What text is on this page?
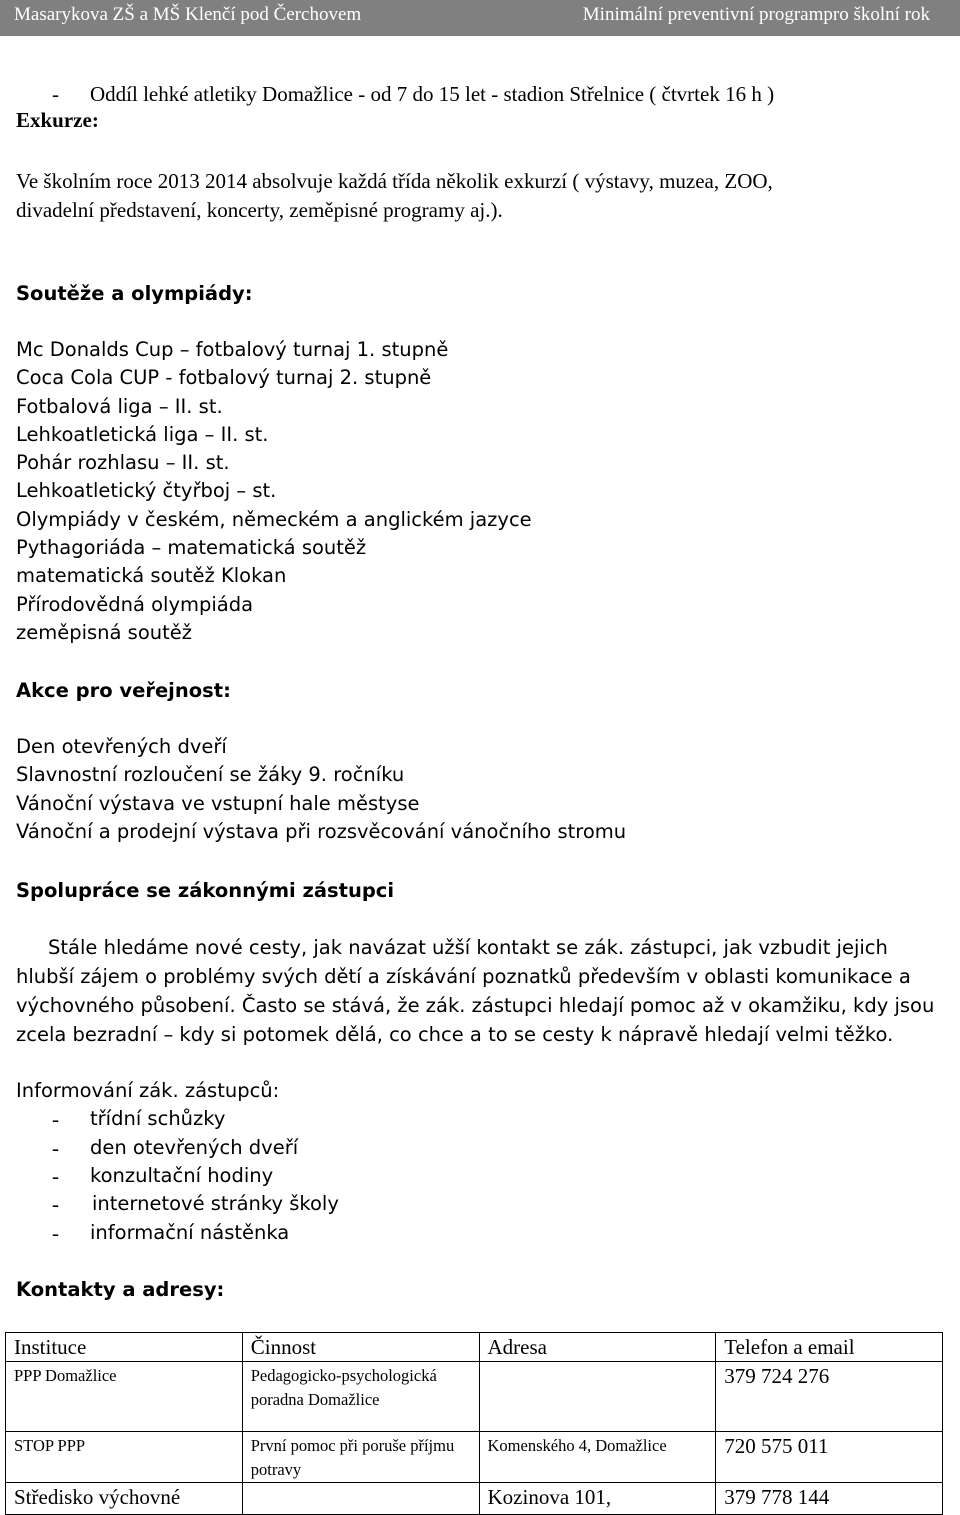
Masarykova ZŠ a MŠ Klenčí pod Čerchovem	Minimální preventivní programpro školní rok
- Oddíl lehké atletiky Domažlice - od 7 do 15 let - stadion Střelnice ( čtvrtek 16 h )
Exkurze:
Ve školním roce 2013 2014 absolvuje každá třída několik exkurzí ( výstavy, muzea, ZOO,
divadelní představení, koncerty, zeměpisné programy aj.).
Soutěže a olympiády:
Mc Donalds Cup – fotbalový turnaj 1. stupně
Coca Cola CUP - fotbalový turnaj 2. stupně
Fotbalová liga – II. st.
Lehkoatletická liga – II. st.
Pohár rozhlasu – II. st.
Lehkoatletický čtyřboj – st.
Olympiády v českém, německém a anglickém jazyce
Pythagoriáda – matematická soutěž
matematická soutěž Klokan
Přírodovědná olympiáda
zeměpisná soutěž
Akce pro veřejnost:
Den otevřených dveří
Slavnostní rozloučení se žáky 9. ročníku
Vánoční výstava ve vstupní hale městyse
Vánoční a prodejní výstava při rozsvěcování vánočního stromu
Spolupráce se zákonnými zástupci
Stále hledáme nové cesty, jak navázat užší kontakt se zák. zástupci, jak vzbudit jejich hlubší zájem o problémy svých dětí a získávání poznatků především v oblasti komunikace a výchovného působení. Často se stává, že zák. zástupci hledají pomoc až v okamžiku, kdy jsou zcela bezradní – kdy si potomek dělá, co chce a to se cesty k nápravě hledají velmi těžko.
Informování zák. zástupců:
- třídní schůzky
- den otevřených dveří
- konzultační hodiny
- internetové stránky školy
- informační nástěnka
Kontakty a adresy:
Instituce	Činnost	Adresa	Telefon a email
PPP Domažlice	Pedagogicko-psychologická poradna Domažlice		379 724 276
STOP PPP	První pomoc při poruše příjmu potravy	Komenského 4, Domažlice	720 575 011
Středisko výchovné		Kozinova 101,	379 778 144
